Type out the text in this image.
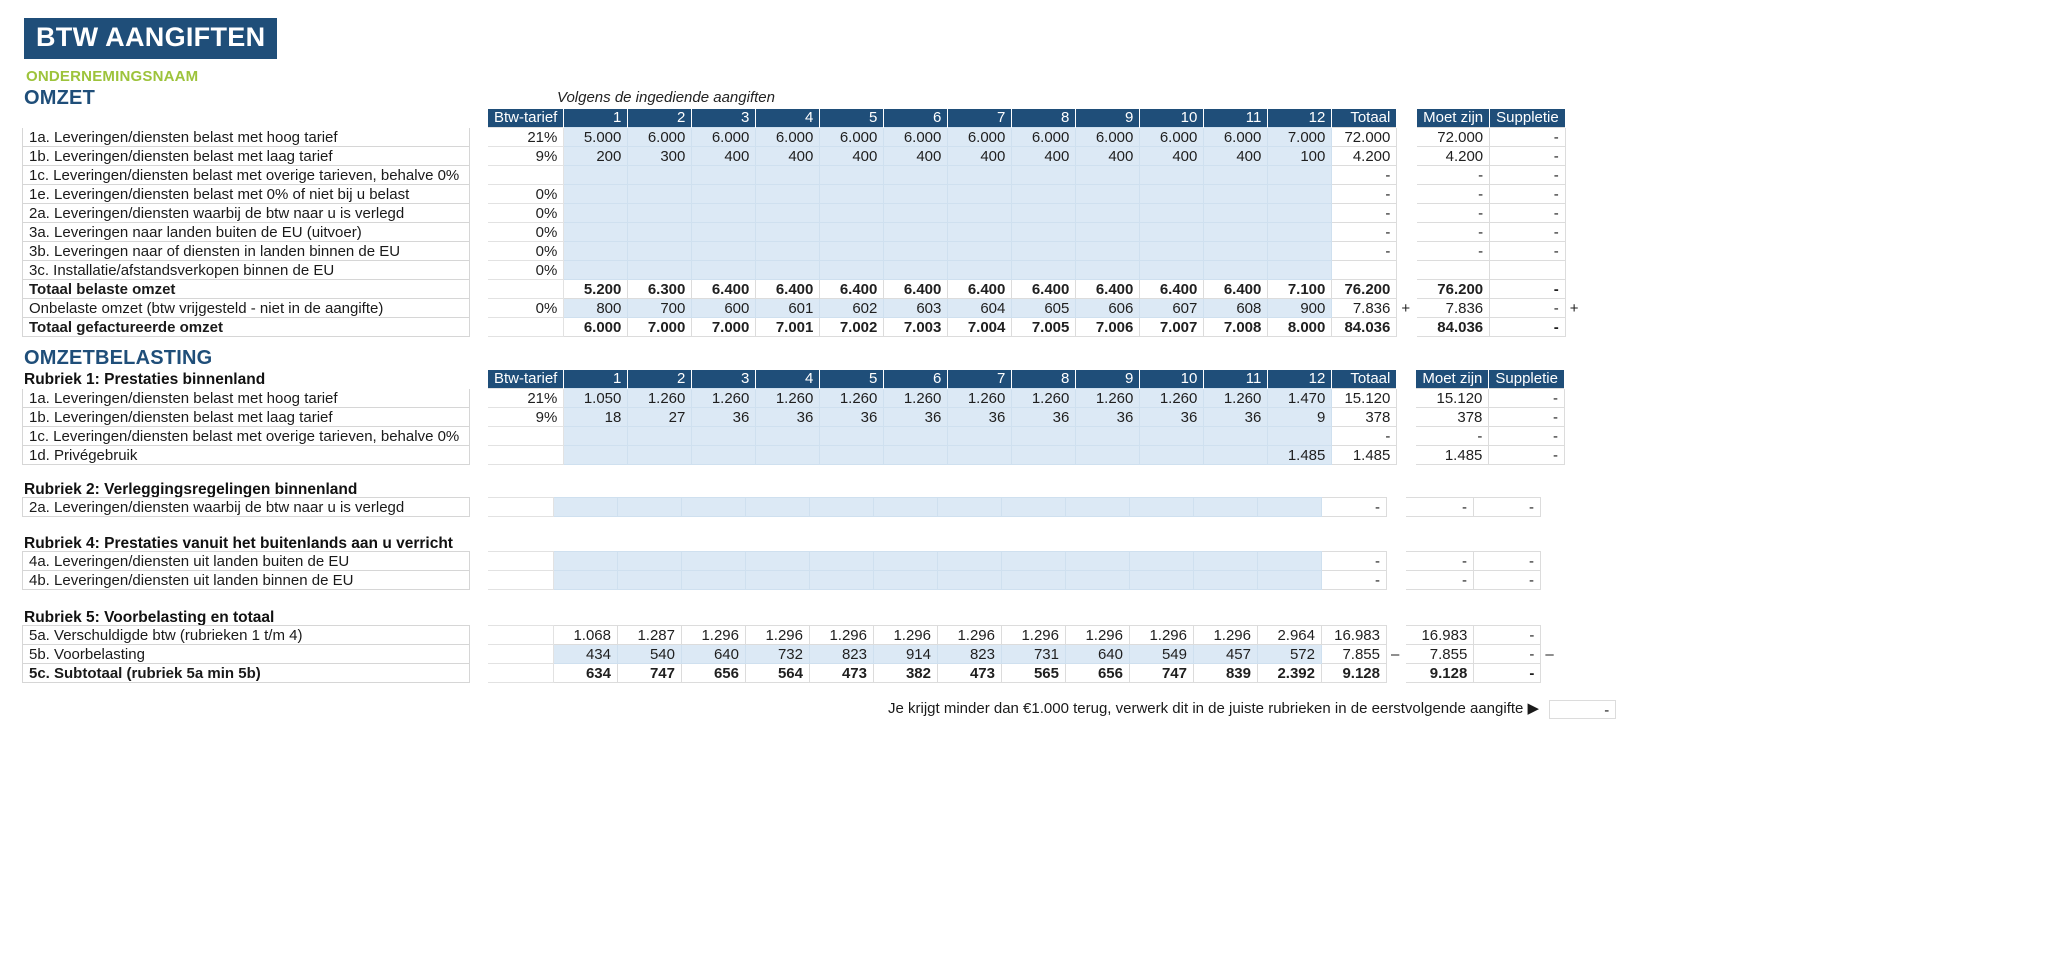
BTW AANGIFTEN
ONDERNEMINGSNAAM
OMZET	Volgens de ingediende aangiften
		Btw-tarief	1	2	3	4	5	6	7	8	9	10	11	12	Totaal		Moet zijn	Suppletie	
1a. Leveringen/diensten belast met hoog tarief		21%	5.000	6.000	6.000	6.000	6.000	6.000	6.000	6.000	6.000	6.000	6.000	7.000	72.000		72.000	-	
1b. Leveringen/diensten belast met laag tarief		9%	200	300	400	400	400	400	400	400	400	400	400	100	4.200		4.200	-	
1c. Leveringen/diensten belast met overige tarieven, behalve 0%															-		-	-	
1e. Leveringen/diensten belast met 0% of niet bij u belast		0%													-		-	-	
2a. Leveringen/diensten waarbij de btw naar u is verlegd		0%													-		-	-	
3a. Leveringen naar landen buiten de EU (uitvoer)		0%													-		-	-	
3b. Leveringen naar of diensten in landen binnen de EU		0%													-		-	-	
3c. Installatie/afstandsverkopen binnen de EU		0%																	
Totaal belaste omzet			5.200	6.300	6.400	6.400	6.400	6.400	6.400	6.400	6.400	6.400	6.400	7.100	76.200		76.200	-	
Onbelaste omzet (btw vrijgesteld - niet in de aangifte)		0%	800	700	600	601	602	603	604	605	606	607	608	900	7.836	+	7.836	-	+
Totaal gefactureerde omzet			6.000	7.000	7.000	7.001	7.002	7.003	7.004	7.005	7.006	7.007	7.008	8.000	84.036		84.036	-	
OMZETBELASTING
Rubriek 1: Prestaties binnenland
			Btw-tarief	1	2	3	4	5	6	7	8	9	10	11	12	Totaal		Moet zijn	Suppletie	
1a. Leveringen/diensten belast met hoog tarief		21%	1.050	1.260	1.260	1.260	1.260	1.260	1.260	1.260	1.260	1.260	1.260	1.470	15.120		15.120	-	
1b. Leveringen/diensten belast met laag tarief		9%	18	27	36	36	36	36	36	36	36	36	36	9	378		378	-	
1c. Leveringen/diensten belast met overige tarieven, behalve 0%															-		-	-	
1d. Privégebruik														1.485	1.485		1.485	-	
Rubriek 2: Verleggingsregelingen binnenland
2a. Leveringen/diensten waarbij de btw naar u is verlegd															-		-	-	
Rubriek 4: Prestaties vanuit het buitenlands aan u verricht
4a. Leveringen/diensten uit landen buiten de EU															-		-	-	
4b. Leveringen/diensten uit landen binnen de EU															-		-	-	
Rubriek 5: Voorbelasting en totaal
5a. Verschuldigde btw (rubrieken 1 t/m 4)			1.068	1.287	1.296	1.296	1.296	1.296	1.296	1.296	1.296	1.296	1.296	2.964	16.983		16.983	-	
5b. Voorbelasting			434	540	640	732	823	914	823	731	640	549	457	572	7.855	–	7.855	-	–
5c. Subtotaal (rubriek 5a min 5b)			634	747	656	564	473	382	473	565	656	747	839	2.392	9.128		9.128	-	
Je krijgt minder dan €1.000 terug, verwerk dit in de juiste rubrieken in de eerstvolgende aangifte ▶	-
